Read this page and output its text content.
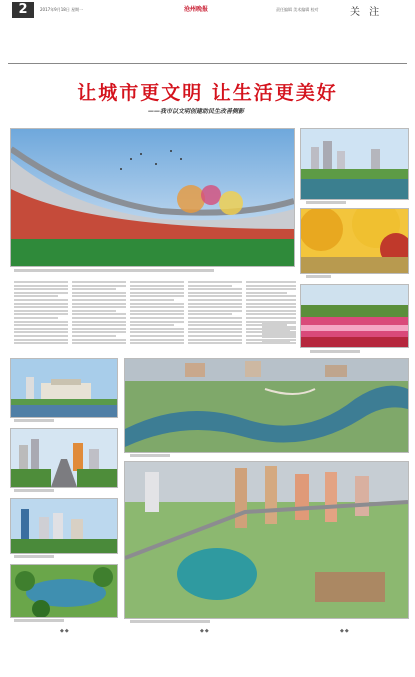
2	2017年9月18日 星期一	沧州晚报	责任编辑 美术编辑 校对	关 注
让城市更文明 让生活更美好
——我市以文明创建助民生改善侧影
◆◆	◆◆	◆◆
